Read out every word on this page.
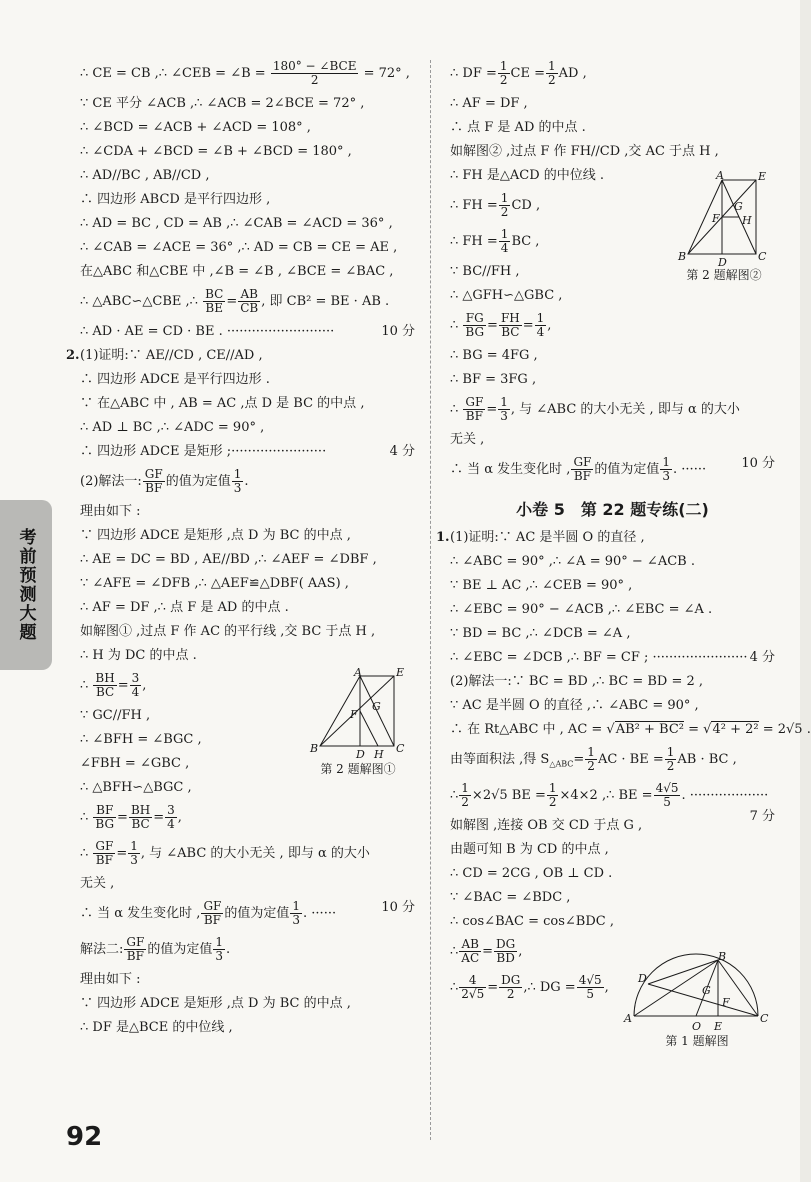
考前预测大题
∴ CE = CB ,∴ ∠CEB = ∠B = $\frac{\text{180° − ∠BCE}}{2} = 72^\circ$ ,
∵ CE 平分 ∠ACB ,∴ ∠ACB = 2∠BCE = 72° ,
∴ ∠BCD = ∠ACB + ∠ACD = 108° ,
∴ ∠CDA + ∠BCD = ∠B + ∠BCD = 180° ,
∴ AD//BC , AB//CD ,
∴ 四边形 ABCD 是平行四边形 ,
∴ AD = BC , CD = AB ,∴ ∠CAB = ∠ACD = 36° ,
∴ ∠CAB = ∠ACE = 36° ,∴ AD = CB = CE = AE ,
在△ABC 和△CBE 中 ,∠B = ∠B , ∠BCE = ∠BAC ,
∴ △ABC∽△CBE ,∴ $\frac{BC}{BE} = \frac{AB}{CB}$ , 即 CB² = BE · AB .
∴ AD · AE = CD · BE . ··························	10 分
2.(1)证明:∵ AE//CD , CE//AD ,
∴ 四边形 ADCE 是平行四边形 .
∵ 在△ABC 中 , AB = AC ,点 D 是 BC 的中点 ,
∴ AD ⊥ BC ,∴ ∠ADC = 90° ,
∴ 四边形 ADCE 是矩形 ;·······················	4 分
(2)解法一: $\frac{GF}{BF}$ 的值为定值 $\frac{1}{3}$ .
理由如下 :
∵ 四边形 ADCE 是矩形 ,点 D 为 BC 的中点 ,
∴ AE = DC = BD , AE//BD ,∴ ∠AEF = ∠DBF ,
∵ ∠AFE = ∠DFB ,∴ △AEF≌△DBF( AAS) ,
∴ AF = DF ,∴ 点 F 是 AD 的中点 .
如解图① ,过点 F 作 AC 的平行线 ,交 BC 于点 H ,
∴ H 为 DC 的中点 .
∴ $\frac{BH}{BC} = \frac{3}{4}$ ,
∵ GC//FH ,
∴ ∠BFH = ∠BGC ,
∠FBH = ∠GBC ,
∴ △BFH∽△BGC ,
∴ $\frac{BF}{BG} = \frac{BH}{BC} = \frac{3}{4}$ ,
∴ $\frac{GF}{BF} = \frac{1}{3}$ , 与 ∠ABC 的大小无关 , 即与 α 的大小
无关 ,
∴ 当 α 发生变化时 , $\frac{GF}{BF}$ 的值为定值 $\frac{1}{3}$ . ······	10 分
解法二: $\frac{GF}{BF}$ 的值为定值 $\frac{1}{3}$ .
理由如下 :
∵ 四边形 ADCE 是矩形 ,点 D 为 BC 的中点 ,
∴ DF 是△BCE 的中位线 ,
A	E
F
G
B	D H C
第 2 题解图①
∴ DF = $\frac{1}{2}$ CE = $\frac{1}{2}$ AD ,
∴ AF = DF ,
∴ 点 F 是 AD 的中点 .
如解图② ,过点 F 作 FH//CD ,交 AC 于点 H ,
∴ FH 是△ACD 的中位线 .
∴ FH = $\frac{1}{2}$ CD ,
∴ FH = $\frac{1}{4}$ BC ,
∵ BC//FH ,
∴ △GFH∽△GBC ,
∴ $\frac{FG}{BG} = \frac{FH}{BC} = \frac{1}{4}$ ,
∴ BG = 4FG ,
∴ BF = 3FG ,
∴ $\frac{GF}{BF} = \frac{1}{3}$ , 与 ∠ABC 的大小无关 , 即与 α 的大小
无关 ,
∴ 当 α 发生变化时 , $\frac{GF}{BF}$ 的值为定值 $\frac{1}{3}$ . ······	10 分
小卷 5　第 22 题专练(二)
1.(1)证明:∵ AC 是半圆 O 的直径 ,
∴ ∠ABC = 90° ,∴ ∠A = 90° − ∠ACB .
∵ BE ⊥ AC ,∴ ∠CEB = 90° ,
∴ ∠EBC = 90° − ∠ACB ,∴ ∠EBC = ∠A .
∵ BD = BC ,∴ ∠DCB = ∠A ,
∴ ∠EBC = ∠DCB ,∴ BF = CF ; ······················· 4 分
(2)解法一:∵ BC = BD ,∴ BC = BD = 2 ,
∵ AC 是半圆 O 的直径 ,∴ ∠ABC = 90° ,
∴ 在 Rt△ABC 中 , AC = √AB² + BC² = √4² + 2² = 2√5 .
由等面积法 ,得 $S_{\triangle ABC}= \frac{1}{2}$ AC · BE = $\frac{1}{2}$ AB · BC ,
∴ $\frac{1}{2} \times 2√5$ BE = $\frac{1}{2} \times 4\times 2$ ,∴ BE = $\frac{4√5}{5}$ . ···················
7 分
如解图 ,连接 OB 交 CD 于点 G ,
由题可知 B 为 CD 的中点 ,
∴ CD = 2CG , OB ⊥ CD .
∵ ∠BAC = ∠BDC ,
∴ cos∠BAC = cos∠BDC ,
∴ $\frac{AB}{AC} = \frac{DG}{BD}$ ,
∴ $\frac{4}{2√5} = \frac{DG}{2}$ ,∴ DG = $\frac{4√5}{5}$ ,
A	E
F
G
H
B	D	C
第 2 题解图②
D
B
G
F
A
O E
C
第 1 题解图
92
